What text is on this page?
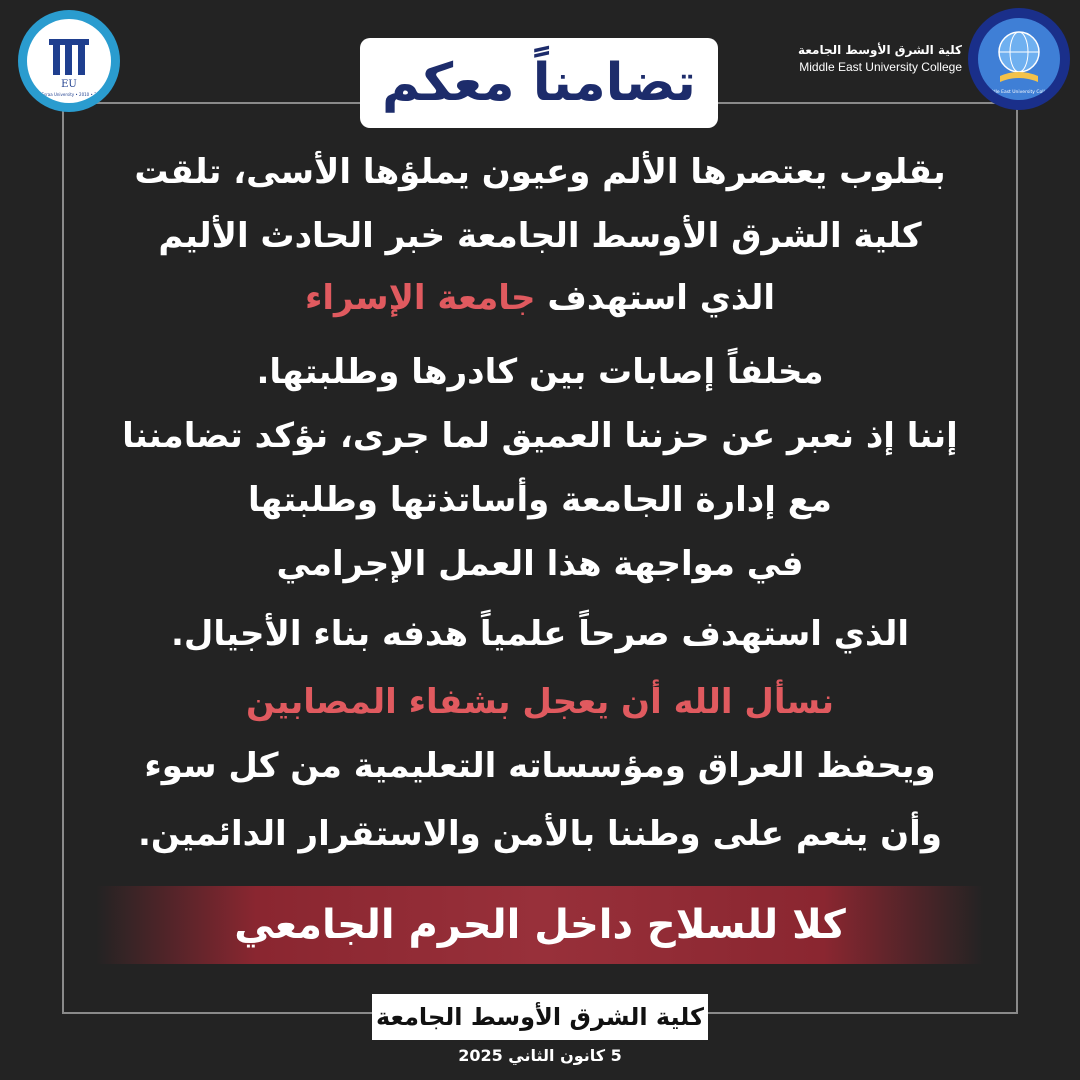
EU
Al - Esraa University • 2010 • 2011	Middle East University College
كلية الشرق الأوسط الجامعة
Middle East University College
تضامناً معكم
بقلوب يعتصرها الألم وعيون يملؤها الأسى، تلقت
كلية الشرق الأوسط الجامعة خبر الحادث الأليم
الذي استهدف جامعة الإسراء
مخلفاً إصابات بين كادرها وطلبتها.
إننا إذ نعبر عن حزننا العميق لما جرى، نؤكد تضامننا
مع إدارة الجامعة وأساتذتها وطلبتها
في مواجهة هذا العمل الإجرامي
الذي استهدف صرحاً علمياً هدفه بناء الأجيال.
نسأل الله أن يعجل بشفاء المصابين
ويحفظ العراق ومؤسساته التعليمية من كل سوء
وأن ينعم على وطننا بالأمن والاستقرار الدائمين.
كلا للسلاح داخل الحرم الجامعي
كلية الشرق الأوسط الجامعة
5 كانون الثاني 2025
